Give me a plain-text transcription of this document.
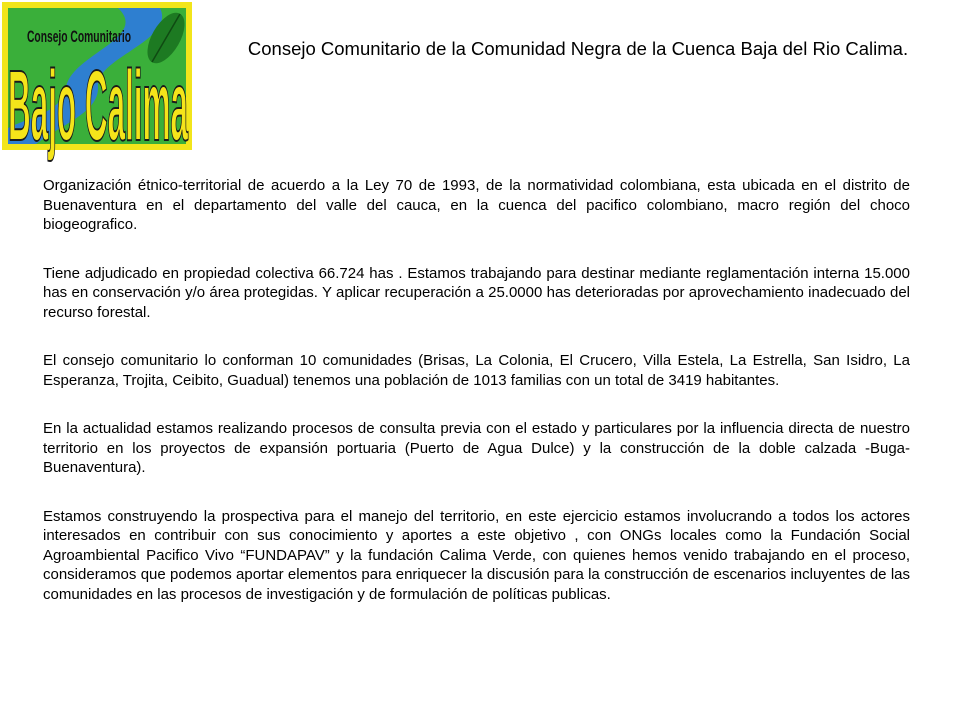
Consejo Comunitario
Bajo Calima
Consejo Comunitario de la Comunidad Negra de la Cuenca Baja del Rio Calima.

Organización étnico-territorial de acuerdo a la Ley 70 de 1993, de la normatividad colombiana, esta ubicada en el distrito de Buenaventura en el departamento del valle del cauca, en la cuenca del pacifico colombiano, macro región del choco biogeografico.

Tiene adjudicado en propiedad colectiva 66.724 has . Estamos trabajando para destinar mediante reglamentación interna 15.000 has en conservación y/o área protegidas. Y aplicar recuperación a 25.0000 has deterioradas por aprovechamiento inadecuado del recurso forestal.

El consejo comunitario lo conforman 10 comunidades (Brisas, La Colonia, El Crucero, Villa Estela, La Estrella, San Isidro, La Esperanza, Trojita, Ceibito, Guadual) tenemos una población de 1013 familias con un total de 3419 habitantes.

En la actualidad estamos realizando procesos de consulta previa con el estado y particulares por la influencia directa de nuestro territorio en los proyectos de expansión portuaria (Puerto de Agua Dulce) y la construcción de la doble calzada -Buga- Buenaventura).

Estamos construyendo la prospectiva para el manejo del territorio, en este ejercicio estamos involucrando a todos los actores interesados en contribuir con sus conocimiento y aportes a este objetivo , con ONGs locales como la Fundación Social Agroambiental Pacifico Vivo “FUNDAPAV” y la fundación Calima Verde, con quienes hemos venido trabajando en el proceso, consideramos que podemos aportar elementos para enriquecer la discusión para la construcción de escenarios incluyentes de las comunidades en las procesos de investigación y de formulación de políticas publicas.
